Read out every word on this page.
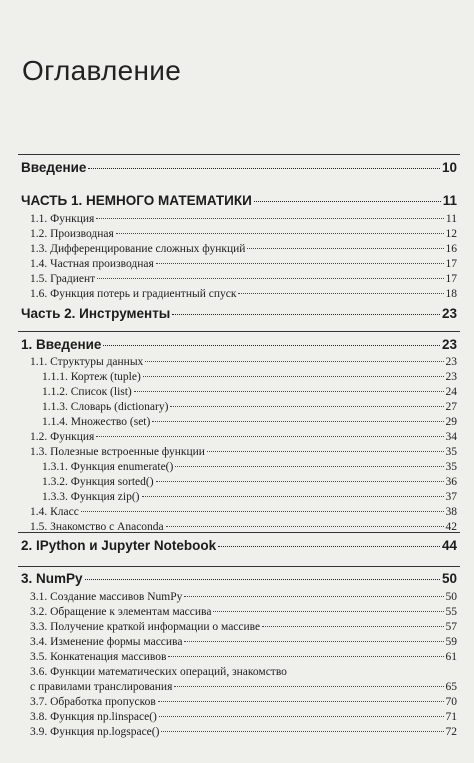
Оглавление
Введение	10
ЧАСТЬ 1. НЕМНОГО МАТЕМАТИКИ	11
1.1. Функция	11
1.2. Производная	12
1.3. Дифференцирование сложных функций	16
1.4. Частная производная	17
1.5. Градиент	17
1.6. Функция потерь и градиентный спуск	18
Часть 2. Инструменты	23
1. Введение	23
1.1. Структуры данных	23
1.1.1. Кортеж (tuple)	23
1.1.2. Список (list)	24
1.1.3. Словарь (dictionary)	27
1.1.4. Множество (set)	29
1.2. Функция	34
1.3. Полезные встроенные функции	35
1.3.1. Функция enumerate()	35
1.3.2. Функция sorted()	36
1.3.3. Функция zip()	37
1.4. Класс	38
1.5. Знакомство с Anaconda	42
2. IPython и Jupyter Notebook	44
3. NumPy	50
3.1. Создание массивов NumPy	50
3.2. Обращение к элементам массива	55
3.3. Получение краткой информации о массиве	57
3.4. Изменение формы массива	59
3.5. Конкатенация массивов	61
3.6. Функции математических операций, знакомство
с правилами транслирования	65
3.7. Обработка пропусков	70
3.8. Функция np.linspace()	71
3.9. Функция np.logspace()	72
